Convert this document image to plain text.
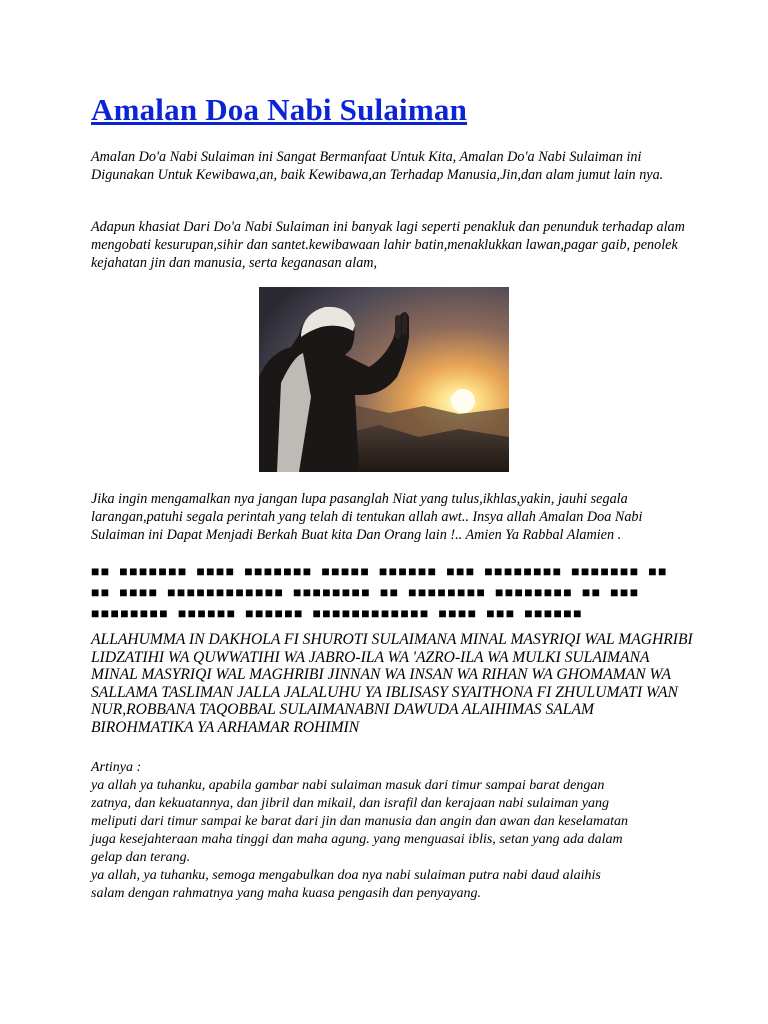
Amalan Doa Nabi Sulaiman

Amalan Do'a Nabi Sulaiman ini Sangat Bermanfaat Untuk Kita, Amalan Do'a Nabi Sulaiman ini Digunakan Untuk Kewibawa,an, baik Kewibawa,an Terhadap Manusia,Jin,dan alam jumut lain nya.

Adapun khasiat Dari Do'a Nabi Sulaiman ini banyak lagi seperti penakluk dan penunduk terhadap alam mengobati kesurupan,sihir dan santet.kewibawaan lahir batin,menaklukkan lawan,pagar gaib, penolek kejahatan jin dan manusia, serta keganasan alam,

Jika ingin mengamalkan nya jangan lupa pasanglah Niat yang tulus,ikhlas,yakin, jauhi segala larangan,patuhi segala perintah yang telah di tentukan allah awt.. Insya allah Amalan Doa Nabi Sulaiman ini Dapat Menjadi Berkah Buat kita Dan Orang lain !.. Amien Ya Rabbal Alamien .

■■ ■■■■■■■ ■■■■ ■■■■■■■ ■■■■■ ■■■■■■ ■■■ ■■■■■■■■ ■■■■■■■ ■■
■■ ■■■■ ■■■■■■■■■■■■ ■■■■■■■■ ■■ ■■■■■■■■ ■■■■■■■■ ■■ ■■■
■■■■■■■■ ■■■■■■ ■■■■■■ ■■■■■■■■■■■■ ■■■■ ■■■ ■■■■■■

ALLAHUMMA IN DAKHOLA FI SHUROTI SULAIMANA MINAL MASYRIQI WAL MAGHRIBI
LIDZATIHI WA QUWWATIHI WA JABRO-ILA WA 'AZRO-ILA WA MULKI SULAIMANA
MINAL MASYRIQI WAL MAGHRIBI JINNAN WA INSAN WA RIHAN WA GHOMAMAN WA
SALLAMA TASLIMAN JALLA JALALUHU YA IBLISASY SYAITHONA FI ZHULUMATI WAN
NUR,ROBBANA TAQOBBAL SULAIMANABNI DAWUDA ALAIHIMAS SALAM
BIROHMATIKA YA ARHAMAR ROHIMIN

Artinya :
ya allah ya tuhanku, apabila gambar nabi sulaiman masuk dari timur sampai barat dengan
zatnya, dan kekuatannya, dan jibril dan mikail, dan israfil dan kerajaan nabi sulaiman yang
meliputi dari timur sampai ke barat dari jin dan manusia dan angin dan awan dan keselamatan
juga kesejahteraan maha tinggi dan maha agung. yang menguasai iblis, setan yang ada dalam
gelap dan terang.
ya allah, ya tuhanku, semoga mengabulkan doa nya nabi sulaiman putra nabi daud alaihis
salam dengan rahmatnya yang maha kuasa pengasih dan penyayang.
